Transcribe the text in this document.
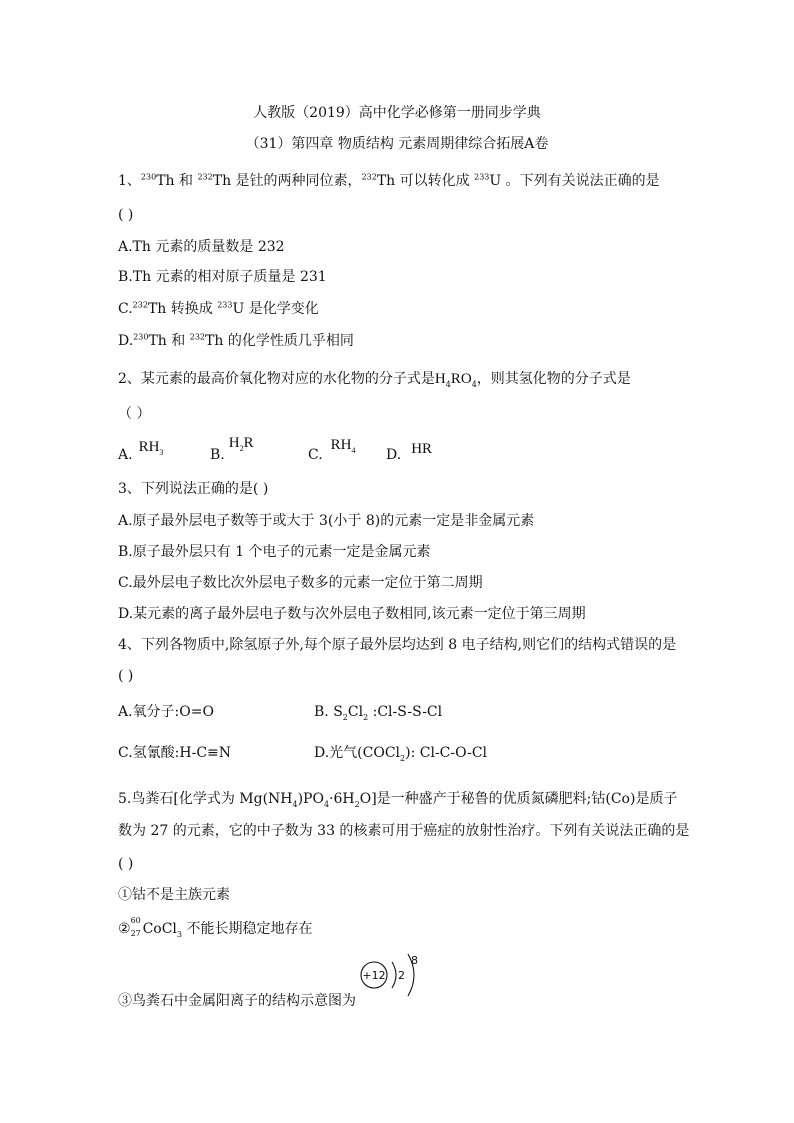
人教版（2019）高中化学必修第一册同步学典
（31）第四章 物质结构 元素周期律综合拓展A卷
1、$^{230}$Th 和 $^{232}$Th 是钍的两种同位素，$^{232}$Th 可以转化成 $^{233}$U 。下列有关说法正确的是
( )
A.Th 元素的质量数是 232
B.Th 元素的相对原子质量是 231
C.$^{232}$Th 转换成 $^{233}$U 是化学变化
D.$^{230}$Th 和 $^{232}$Th 的化学性质几乎相同
2、某元素的最高价氧化物对应的水化物的分子式是$H_4RO_4$，则其氢化物的分子式是
（ ）
A. $RH_3$	$B.H_2R$
$C.RH_4$ D. HR
3、下列说法正确的是( )
A.原子最外层电子数等于或大于 3(小于 8)的元素一定是非金属元素
B.原子最外层只有 1 个电子的元素一定是金属元素
C.最外层电子数比次外层电子数多的元素一定位于第二周期
D.某元素的离子最外层电子数与次外层电子数相同,该元素一定位于第三周期
4、下列各物质中,除氢原子外,每个原子最外层均达到 8 电子结构,则它们的结构式错误的是
( )
A.氧分子:O=O	B. $S_2Cl_2$ :Cl-S-S-Cl
C.氢氰酸:H-C≡N	D.光气(COCl$_2$): Cl-C-O-Cl
5.鸟粪石[化学式为 $Mg(NH_4)PO_4\cdot 6H_2O$]是一种盛产于秘鲁的优质氮磷肥料;钴(Co)是质子
数为 27 的元素，它的中子数为 33 的核素可用于癌症的放射性治疗。下列有关说法正确的是
( )
①钴不是主族元素
②
60
27 CoCl$_3$ 不能长期稳定地存在
③鸟粪石中金属阳离子的结构示意图为
+12 2
8
